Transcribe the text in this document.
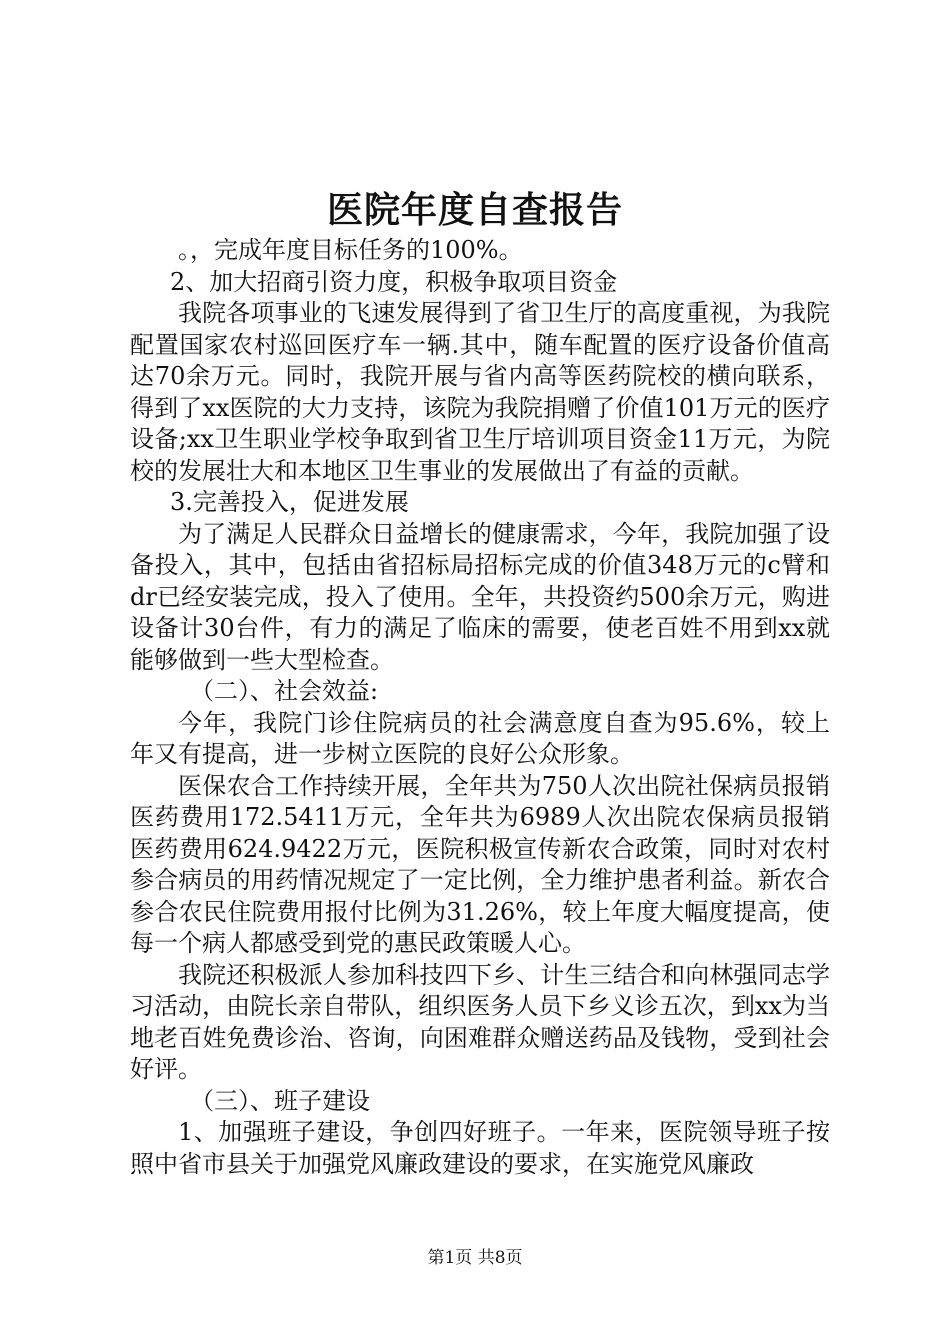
医院年度自查报告

。，完成年度目标任务的100%。

2、加大招商引资力度，积极争取项目资金

我院各项事业的飞速发展得到了省卫生厅的高度重视，为我院配置国家农村巡回医疗车一辆.其中，随车配置的医疗设备价值高达70余万元。同时，我院开展与省内高等医药院校的横向联系，得到了xx医院的大力支持，该院为我院捐赠了价值101万元的医疗设备;xx卫生职业学校争取到省卫生厅培训项目资金11万元，为院校的发展壮大和本地区卫生事业的发展做出了有益的贡献。

3.完善投入，促进发展

为了满足人民群众日益增长的健康需求，今年，我院加强了设备投入，其中，包括由省招标局招标完成的价值348万元的c臂和dr已经安装完成，投入了使用。全年，共投资约500余万元，购进设备计30台件，有力的满足了临床的需要，使老百姓不用到xx就能够做到一些大型检查。

（二）、社会效益:

今年，我院门诊住院病员的社会满意度自查为95.6%，较上年又有提高，进一步树立医院的良好公众形象。

医保农合工作持续开展，全年共为750人次出院社保病员报销医药费用172.5411万元，全年共为6989人次出院农保病员报销医药费用624.9422万元，医院积极宣传新农合政策，同时对农村参合病员的用药情况规定了一定比例，全力维护患者利益。新农合参合农民住院费用报付比例为31.26%，较上年度大幅度提高，使每一个病人都感受到党的惠民政策暖人心。

我院还积极派人参加科技四下乡、计生三结合和向林强同志学习活动，由院长亲自带队，组织医务人员下乡义诊五次，到xx为当地老百姓免费诊治、咨询，向困难群众赠送药品及钱物，受到社会好评。

（三）、班子建设

1、加强班子建设，争创四好班子。一年来，医院领导班子按照中省市县关于加强党风廉政建设的要求，在实施党风廉政

第1页 共8页
